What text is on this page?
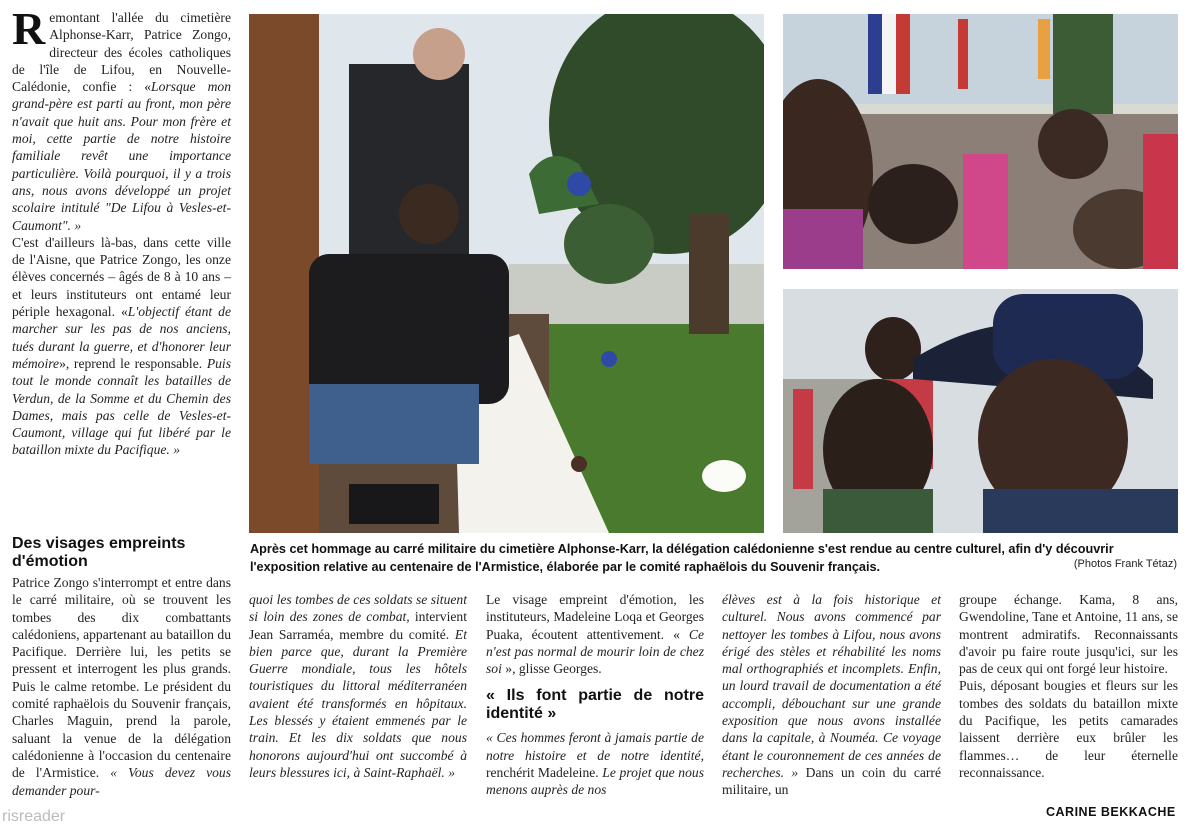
Remontant l'allée du cimetière Alphonse-Karr, Patrice Zongo, directeur des écoles catholiques de l'île de Lifou, en Nouvelle-Calédonie, confie : «Lorsque mon grand-père est parti au front, mon père n'avait que huit ans. Pour mon frère et moi, cette partie de notre histoire familiale revêt une importance particulière. Voilà pourquoi, il y a trois ans, nous avons développé un projet scolaire intitulé "De Lifou à Vesles-et-Caumont". »

C'est d'ailleurs là-bas, dans cette ville de l'Aisne, que Patrice Zongo, les onze élèves concernés – âgés de 8 à 10 ans – et leurs instituteurs ont entamé leur périple hexagonal. «L'objectif étant de marcher sur les pas de nos anciens, tués durant la guerre, et d'honorer leur mémoire», reprend le responsable. Puis tout le monde connaît les batailles de Verdun, de la Somme et du Chemin des Dames, mais pas celle de Vesles-et-Caumont, village qui fut libéré par le bataillon mixte du Pacifique. »

Des visages empreints d'émotion

Patrice Zongo s'interrompt et entre dans le carré militaire, où se trouvent les tombes des dix combattants calédoniens, appartenant au bataillon du Pacifique. Derrière lui, les petits se pressent et interrogent les plus grands. Puis le calme retombe. Le président du comité raphaëlois du Souvenir français, Charles Maguin, prend la parole, saluant la venue de la délégation calédonienne à l'occasion du centenaire de l'Armistice. « Vous devez vous demander pour-

quoi les tombes de ces soldats se situent si loin des zones de combat, intervient Jean Sarraméa, membre du comité. Et bien parce que, durant la Première Guerre mondiale, tous les hôtels touristiques du littoral méditerranéen avaient été transformés en hôpitaux. Les blessés y étaient emmenés par le train. Et les dix soldats que nous honorons aujourd'hui ont succombé à leurs blessures ici, à Saint-Raphaël. »

Le visage empreint d'émotion, les instituteurs, Madeleine Loqa et Georges Puaka, écoutent attentivement. « Ce n'est pas normal de mourir loin de chez soi », glisse Georges.

« Ils font partie de notre identité »

« Ces hommes feront à jamais partie de notre histoire et de notre identité, renchérit Madeleine. Le projet que nous menons auprès de nos

élèves est à la fois historique et culturel. Nous avons commencé par nettoyer les tombes à Lifou, nous avons érigé des stèles et réhabilité les noms mal orthographiés et incomplets. Enfin, un lourd travail de documentation a été accompli, débouchant sur une grande exposition que nous avons installée dans la capitale, à Nouméa. Ce voyage étant le couronnement de ces années de recherches. » Dans un coin du carré militaire, un

groupe échange. Kama, 8 ans, Gwendoline, Tane et Antoine, 11 ans, se montrent admiratifs. Reconnaissants d'avoir pu faire route jusqu'ici, sur les pas de ceux qui ont forgé leur histoire.

Puis, déposant bougies et fleurs sur les tombes des soldats du bataillon mixte du Pacifique, les petits camarades laissent derrière eux brûler les flammes… de leur éternelle reconnaissance.

CARINE BEKKACHE
Après cet hommage au carré militaire du cimetière Alphonse-Karr, la délégation calédonienne s'est rendue au centre culturel, afin d'y découvrir l'exposition relative au centenaire de l'Armistice, élaborée par le comité raphaëlois du Souvenir français.	(Photos Frank Tétaz)
risreader
